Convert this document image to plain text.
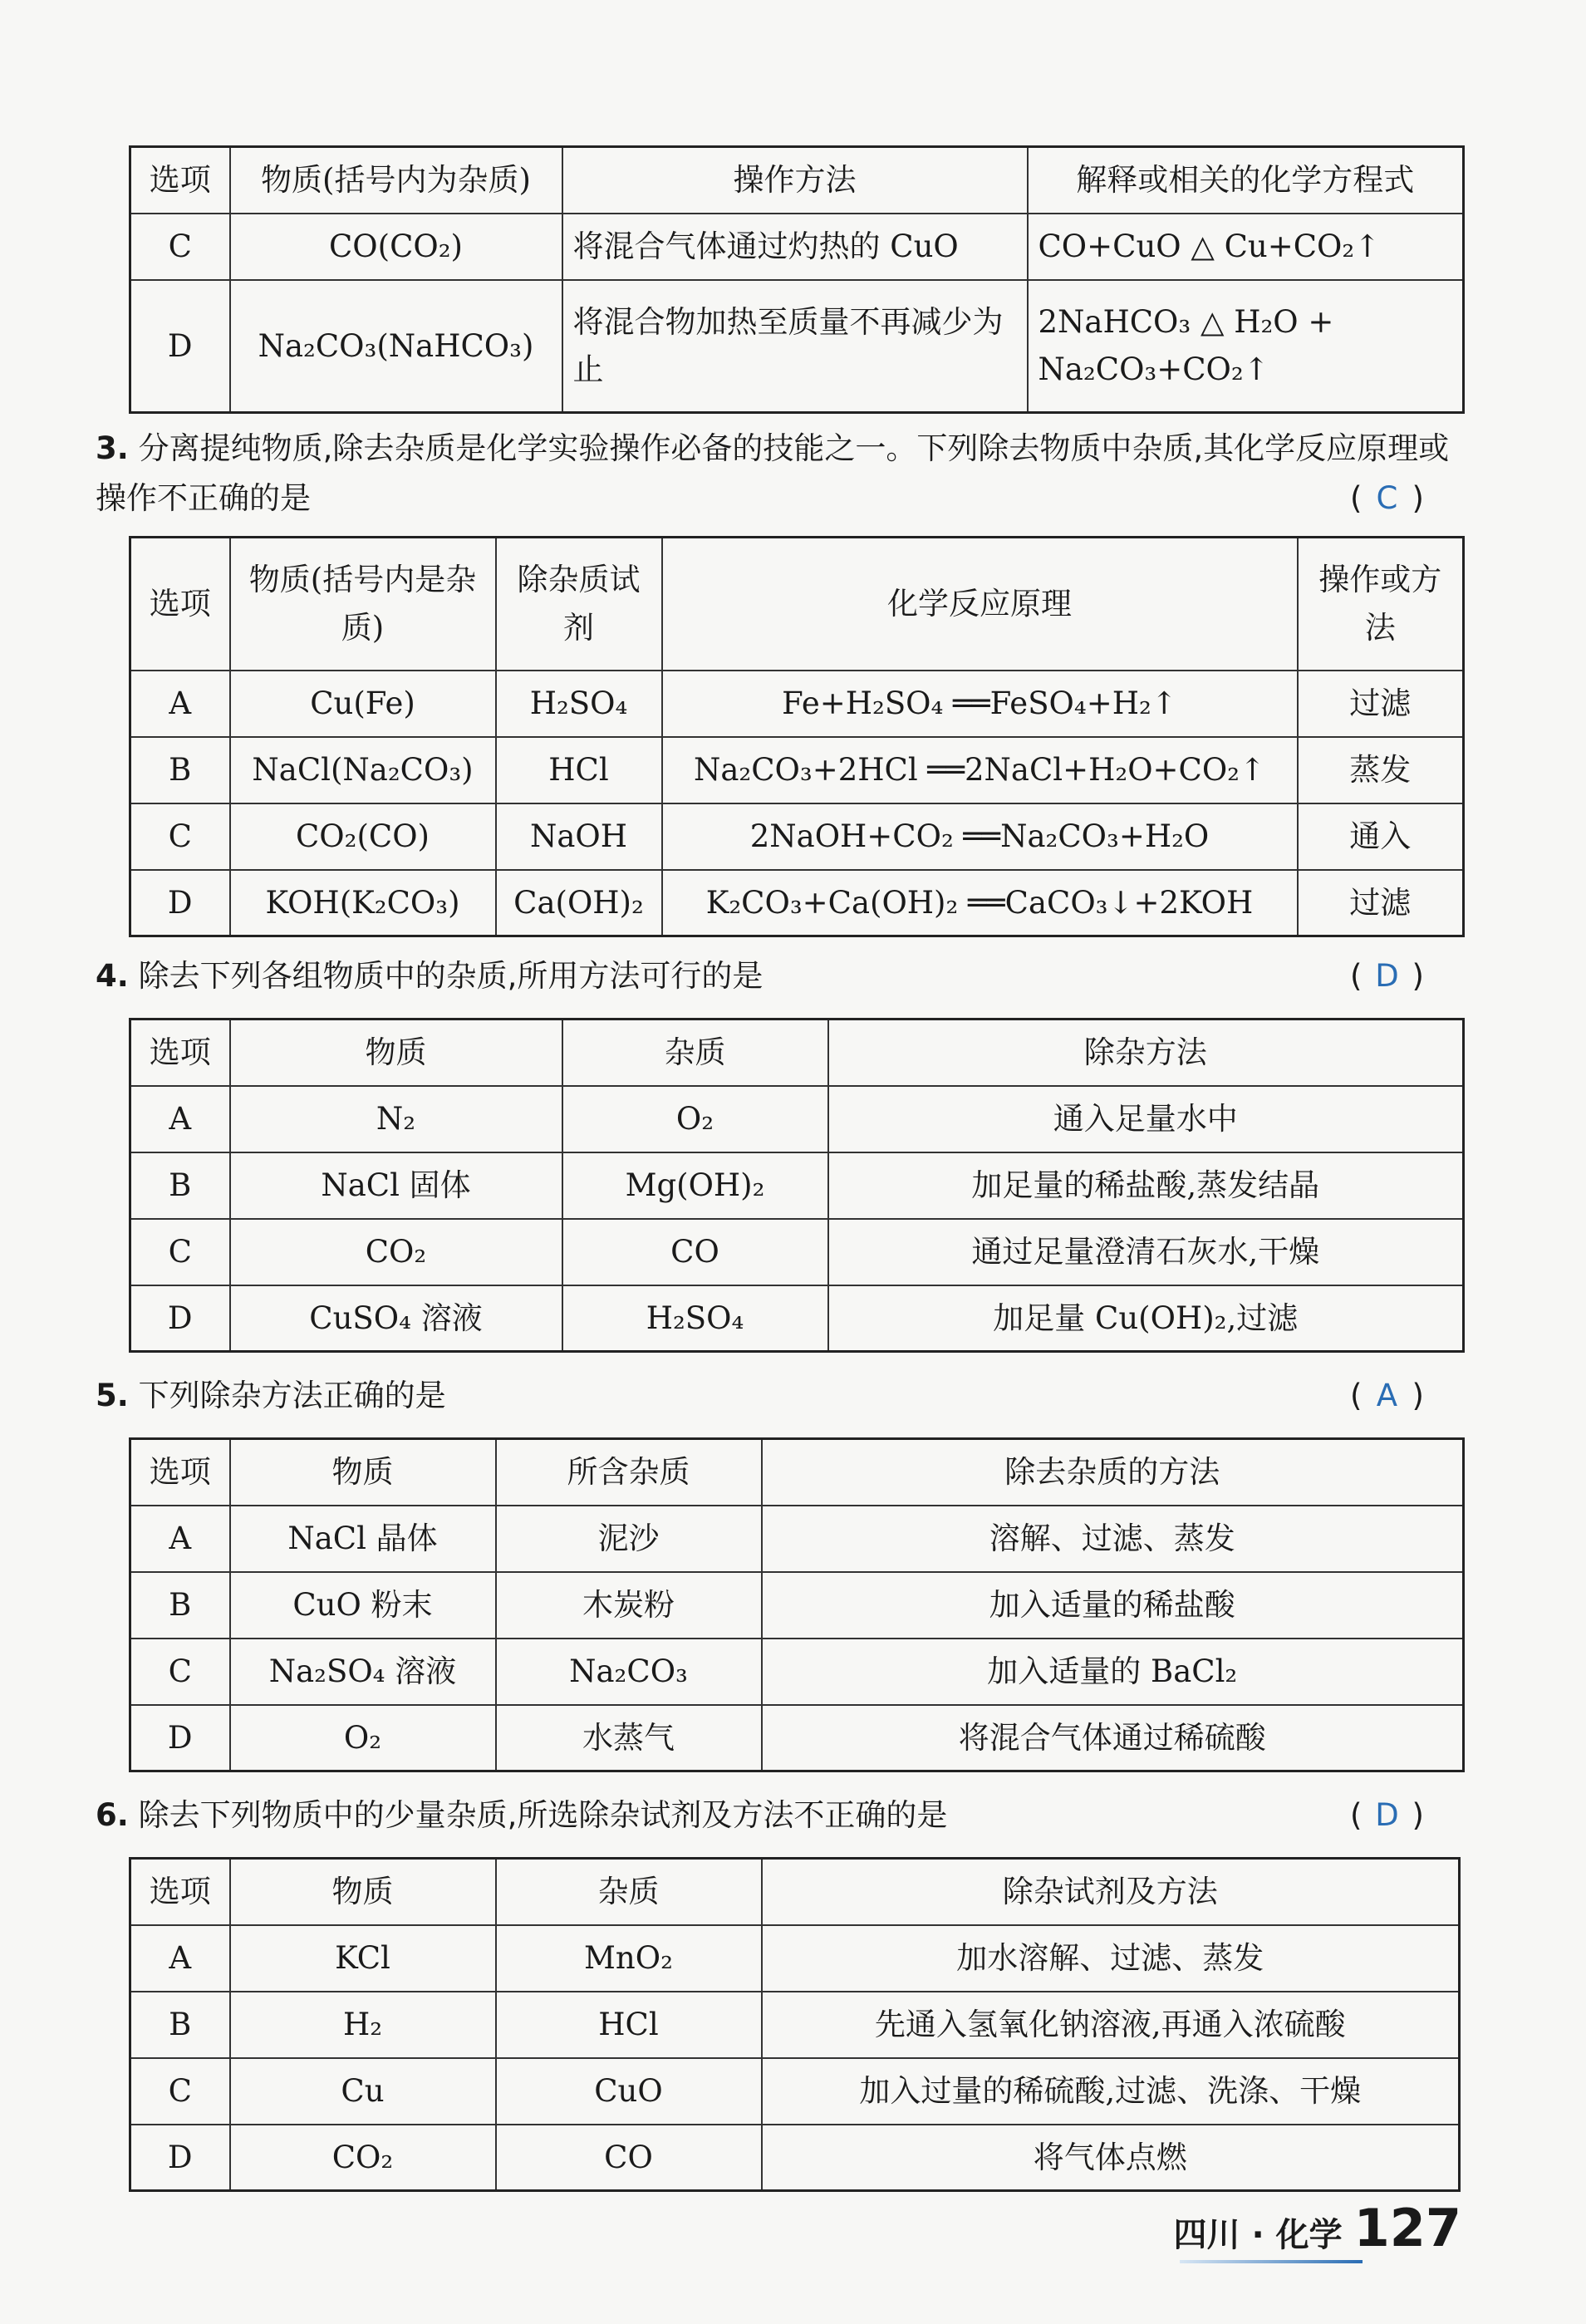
选项	物质(括号内为杂质)	操作方法	解释或相关的化学方程式
C	CO(CO₂)	将混合气体通过灼热的 CuO	CO+CuO △ Cu+CO₂↑
D	Na₂CO₃(NaHCO₃)	将混合物加热至质量不再减少为止	2NaHCO₃ △ H₂O + Na₂CO₃+CO₂↑
3. 分离提纯物质,除去杂质是化学实验操作必备的技能之一。下列除去物质中杂质,其化学反应原理或操作不正确的是	( C )
选项	物质(括号内是杂质)	除杂质试剂	化学反应原理	操作或方法
A	Cu(Fe)	H₂SO₄	Fe+H₂SO₄ ══FeSO₄+H₂↑	过滤
B	NaCl(Na₂CO₃)	HCl	Na₂CO₃+2HCl ══2NaCl+H₂O+CO₂↑	蒸发
C	CO₂(CO)	NaOH	2NaOH+CO₂ ══Na₂CO₃+H₂O	通入
D	KOH(K₂CO₃)	Ca(OH)₂	K₂CO₃+Ca(OH)₂ ══CaCO₃↓+2KOH	过滤
4. 除去下列各组物质中的杂质,所用方法可行的是	( D )
选项	物质	杂质	除杂方法
A	N₂	O₂	通入足量水中
B	NaCl 固体	Mg(OH)₂	加足量的稀盐酸,蒸发结晶
C	CO₂	CO	通过足量澄清石灰水,干燥
D	CuSO₄ 溶液	H₂SO₄	加足量 Cu(OH)₂,过滤
5. 下列除杂方法正确的是	( A )
选项	物质	所含杂质	除去杂质的方法
A	NaCl 晶体	泥沙	溶解、过滤、蒸发
B	CuO 粉末	木炭粉	加入适量的稀盐酸
C	Na₂SO₄ 溶液	Na₂CO₃	加入适量的 BaCl₂
D	O₂	水蒸气	将混合气体通过稀硫酸
6. 除去下列物质中的少量杂质,所选除杂试剂及方法不正确的是	( D )
选项	物质	杂质	除杂试剂及方法
A	KCl	MnO₂	加水溶解、过滤、蒸发
B	H₂	HCl	先通入氢氧化钠溶液,再通入浓硫酸
C	Cu	CuO	加入过量的稀硫酸,过滤、洗涤、干燥
D	CO₂	CO	将气体点燃
四川 · 化学 127
